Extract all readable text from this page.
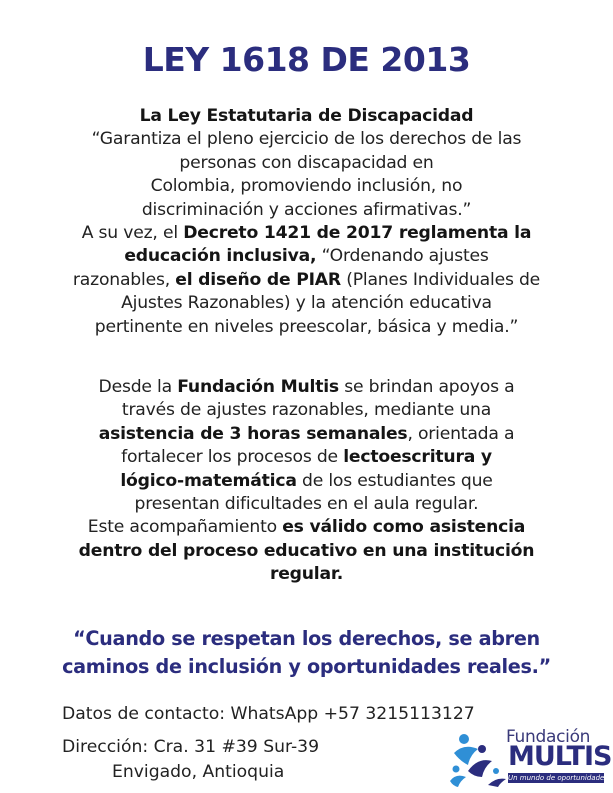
LEY 1618 DE 2013
La Ley Estatutaria de Discapacidad
“Garantiza el pleno ejercicio de los derechos de las
personas con discapacidad en
Colombia, promoviendo inclusión, no
discriminación y acciones afirmativas.”
A su vez, el Decreto 1421 de 2017 reglamenta la
educación inclusiva, “Ordenando ajustes
razonables, el diseño de PIAR (Planes Individuales de
Ajustes Razonables) y la atención educativa
pertinente en niveles preescolar, básica y media.”
Desde la Fundación Multis se brindan apoyos a
través de ajustes razonables, mediante una
asistencia de 3 horas semanales, orientada a
fortalecer los procesos de lectoescritura y
lógico-matemática de los estudiantes que
presentan dificultades en el aula regular.
Este acompañamiento es válido como asistencia
dentro del proceso educativo en una institución
regular.
“Cuando se respetan los derechos, se abren
caminos de inclusión y oportunidades reales.”
Datos de contacto: WhatsApp +57 3215113127
Dirección: Cra. 31 #39 Sur-39
Envigado, Antioquia
Fundación
MULTIS
Un mundo de oportunidades
